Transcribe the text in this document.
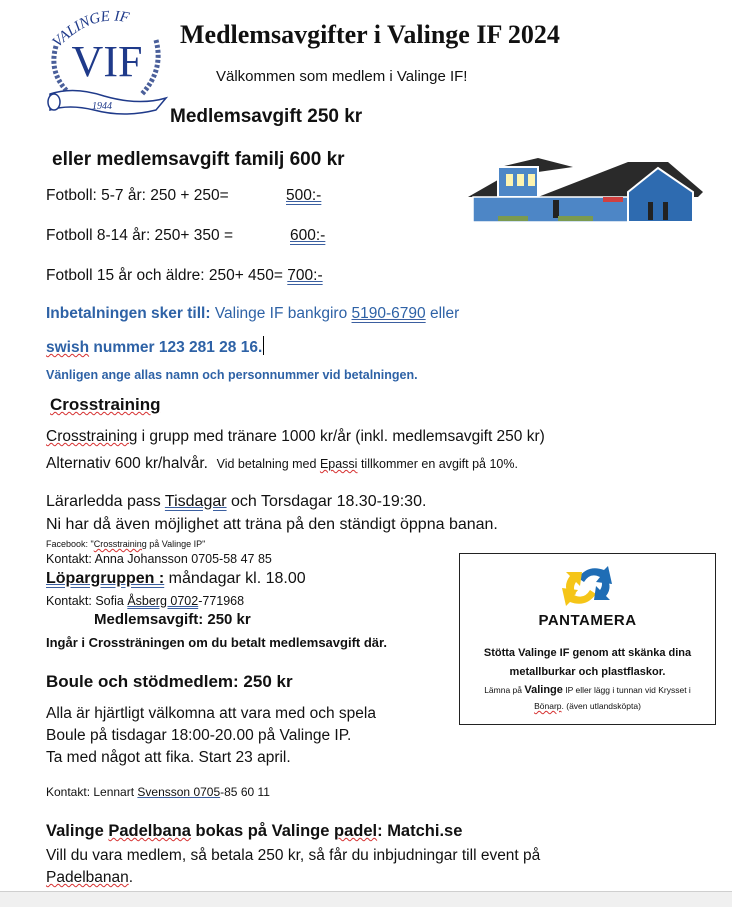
VALINGE IF
VIF
1944
Medlemsavgifter i Valinge IF 2024
Välkommen som medlem i Valinge IF!
Medlemsavgift 250 kr
eller medlemsavgift familj 600 kr
Fotboll: 5-7 år: 250 + 250=	500:-
Fotboll 8-14 år: 250+ 350 =	600:-
Fotboll 15 år och äldre: 250+ 450= 700:-
Inbetalningen sker till: Valinge IF bankgiro 5190-6790 eller
swish nummer 123 281 28 16.
Vänligen ange allas namn och personnummer vid betalningen.
Crosstraining
Crosstraining i grupp med tränare 1000 kr/år (inkl. medlemsavgift 250 kr)
Alternativ 600 kr/halvår. Vid betalning med Epassi tillkommer en avgift på 10%.
Lärarledda pass Tisdagar och Torsdagar 18.30-19:30.
Ni har då även möjlighet att träna på den ständigt öppna banan.
Facebook: "Crosstraining på Valinge IP"
Kontakt: Anna Johansson 0705-58 47 85
Löpargruppen : måndagar kl. 18.00
Kontakt: Sofia Åsberg 0702-771968
Medlemsavgift: 250 kr
Ingår i Crossträningen om du betalt medlemsavgift där.
Boule och stödmedlem: 250 kr
Alla är hjärtligt välkomna att vara med och spela
Boule på tisdagar 18:00-20.00 på Valinge IP.
Ta med något att fika. Start 23 april.
Kontakt: Lennart Svensson 0705-85 60 11
Valinge Padelbana bokas på Valinge padel: Matchi.se
Vill du vara medlem, så betala 250 kr, så får du inbjudningar till event på
Padelbanan.
PANTAMERA
Stötta Valinge IF genom att skänka dina
metallburkar och plastflaskor.
Lämna på Valinge IP eller lägg i tunnan vid Krysset i
Bönarp. (även utlandsköpta)
